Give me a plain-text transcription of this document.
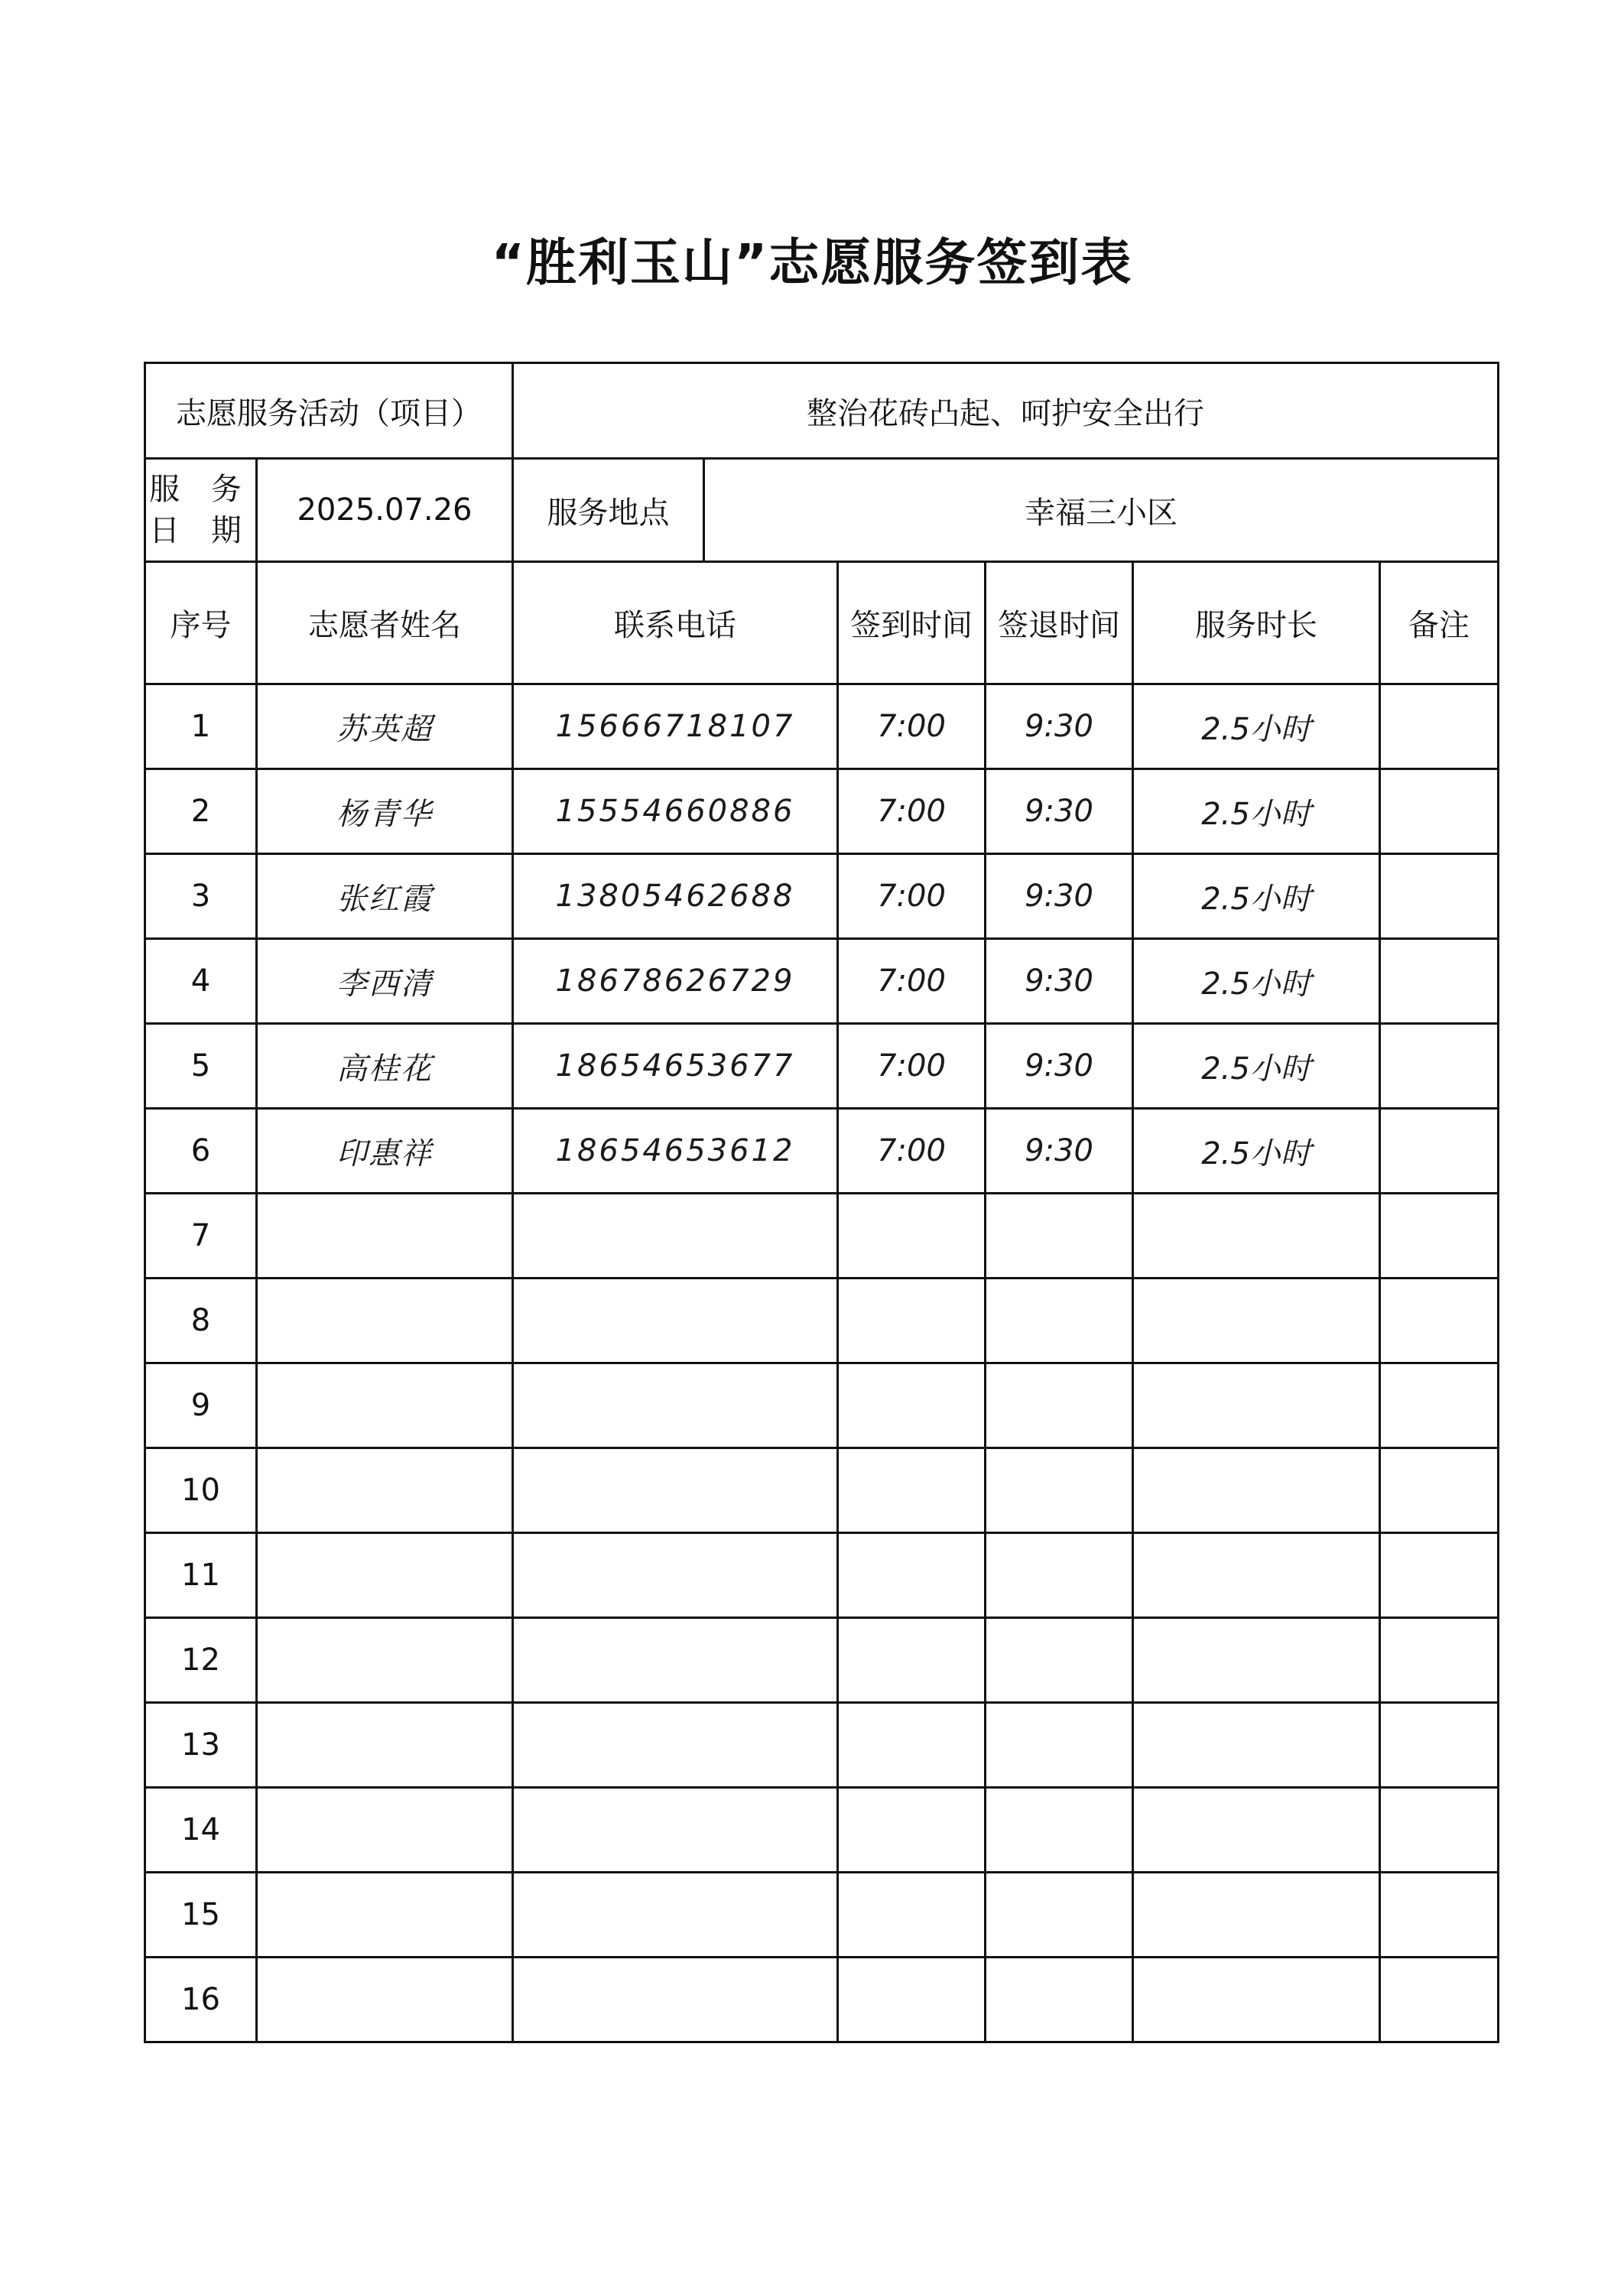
“胜利玉山”志愿服务签到表
志愿服务活动（项目）		整治花砖凸起、呵护安全出行					

服 务
日 期	2025.07.26	服务地点	幸福三小区				
序号	志愿者姓名	联系电话		签到时间	签退时间	服务时长	备注
1	苏英超	15666718107		7:00	9:30	2.5小时	
2	杨青华	15554660886		7:00	9:30	2.5小时	
3	张红霞	13805462688		7:00	9:30	2.5小时	
4	李西清	18678626729		7:00	9:30	2.5小时	
5	高桂花	18654653677		7:00	9:30	2.5小时	
6	印惠祥	18654653612		7:00	9:30	2.5小时	
7							
8							
9							
10							
11							
12							
13							
14							
15							
16							
